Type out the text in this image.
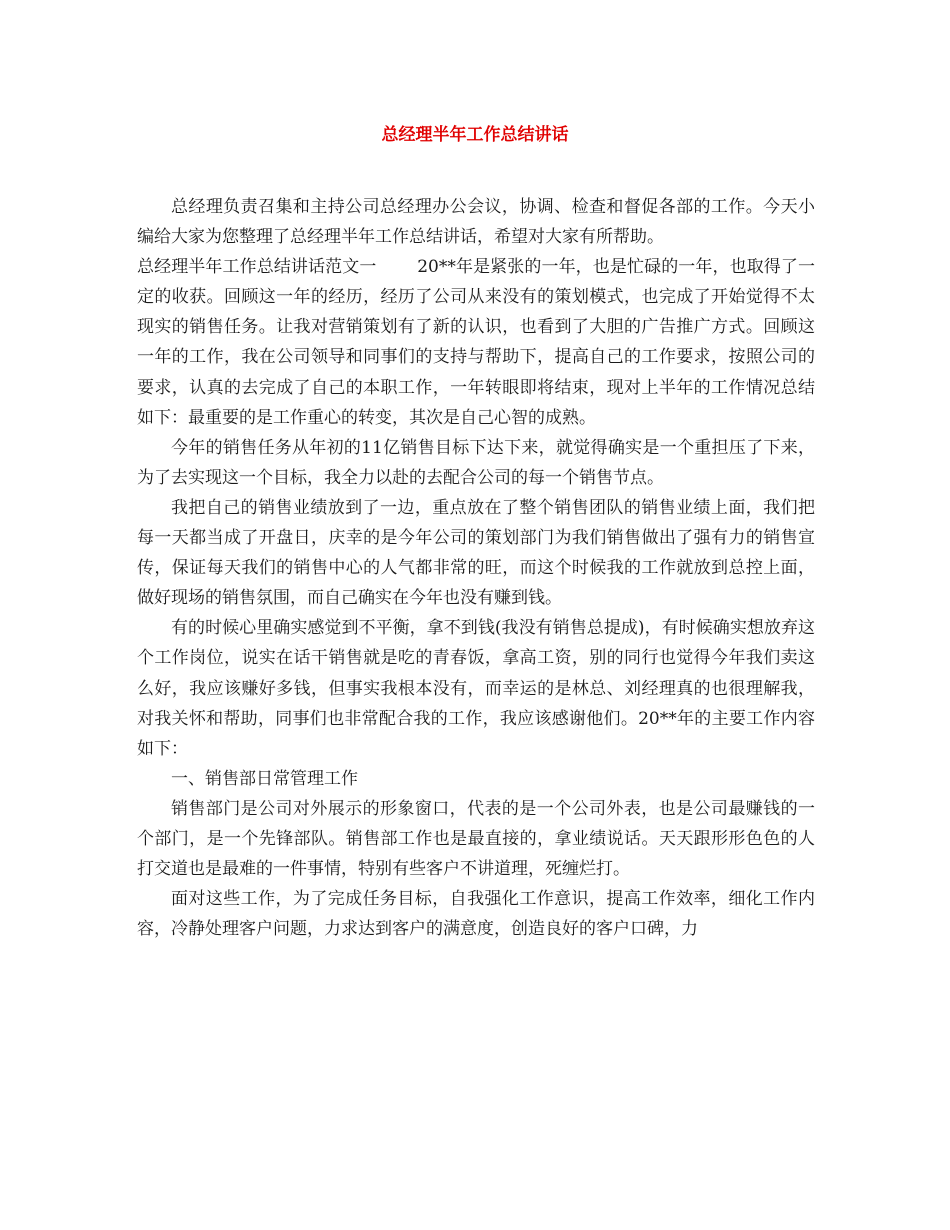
总经理半年工作总结讲话

总经理负责召集和主持公司总经理办公会议，协调、检查和督促各部的工作。今天小编给大家为您整理了总经理半年工作总结讲话，希望对大家有所帮助。

总经理半年工作总结讲话范文一 20**年是紧张的一年，也是忙碌的一年，也取得了一定的收获。回顾这一年的经历，经历了公司从来没有的策划模式，也完成了开始觉得不太现实的销售任务。让我对营销策划有了新的认识，也看到了大胆的广告推广方式。回顾这一年的工作，我在公司领导和同事们的支持与帮助下，提高自己的工作要求，按照公司的要求，认真的去完成了自己的本职工作，一年转眼即将结束，现对上半年的工作情况总结如下：最重要的是工作重心的转变，其次是自己心智的成熟。

今年的销售任务从年初的11亿销售目标下达下来，就觉得确实是一个重担压了下来，为了去实现这一个目标，我全力以赴的去配合公司的每一个销售节点。

我把自己的销售业绩放到了一边，重点放在了整个销售团队的销售业绩上面，我们把每一天都当成了开盘日，庆幸的是今年公司的策划部门为我们销售做出了强有力的销售宣传，保证每天我们的销售中心的人气都非常的旺，而这个时候我的工作就放到总控上面，做好现场的销售氛围，而自己确实在今年也没有赚到钱。

有的时候心里确实感觉到不平衡，拿不到钱(我没有销售总提成)，有时候确实想放弃这个工作岗位，说实在话干销售就是吃的青春饭，拿高工资，别的同行也觉得今年我们卖这么好，我应该赚好多钱，但事实我根本没有，而幸运的是林总、刘经理真的也很理解我，对我关怀和帮助，同事们也非常配合我的工作，我应该感谢他们。20**年的主要工作内容如下：

一、销售部日常管理工作

销售部门是公司对外展示的形象窗口，代表的是一个公司外表，也是公司最赚钱的一个部门，是一个先锋部队。销售部工作也是最直接的，拿业绩说话。天天跟形形色色的人打交道也是最难的一件事情，特别有些客户不讲道理，死缠烂打。

面对这些工作，为了完成任务目标，自我强化工作意识，提高工作效率，细化工作内容，冷静处理客户问题，力求达到客户的满意度，创造良好的客户口碑，力
